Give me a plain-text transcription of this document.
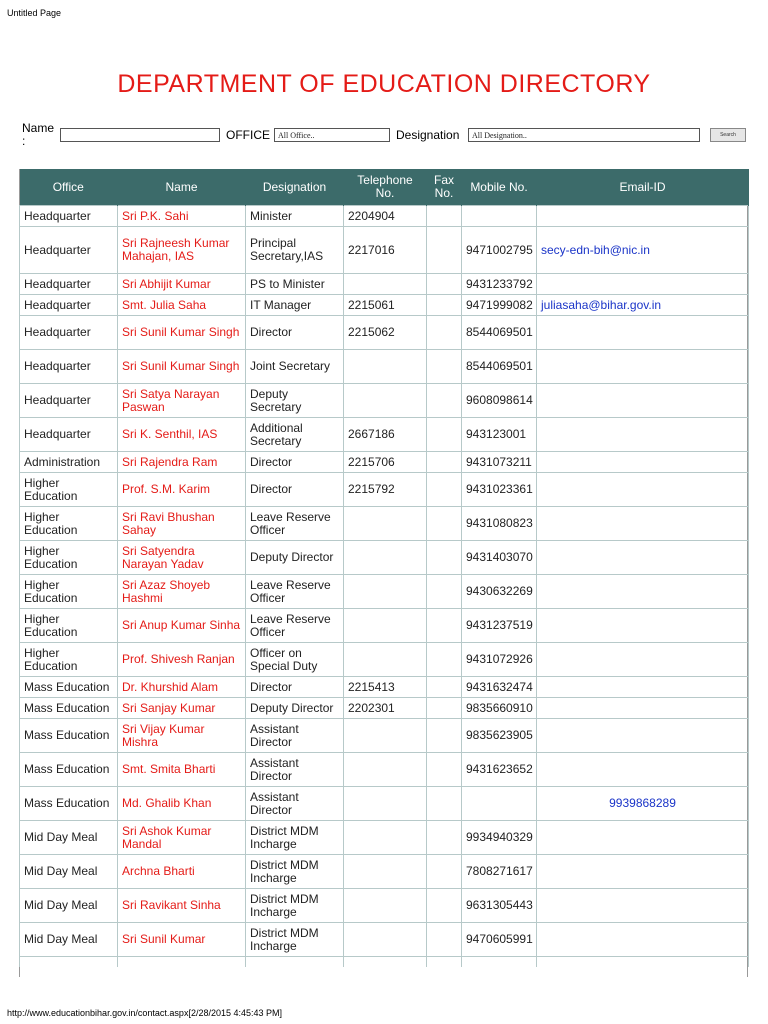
Untitled Page
DEPARTMENT OF EDUCATION DIRECTORY
Name :	OFFICE	All Office..	Designation	All Designation..	Search
Office	Name	Designation	Telephone No.	Fax No.	Mobile No.	Email-ID
Headquarter	Sri P.K. Sahi	Minister	2204904			
Headquarter	Sri Rajneesh Kumar Mahajan, IAS	Principal Secretary,IAS	2217016		9471002795	secy-edn-bih@nic.in
Headquarter	Sri Abhijit Kumar	PS to Minister			9431233792	
Headquarter	Smt. Julia Saha	IT Manager	2215061		9471999082	juliasaha@bihar.gov.in
Headquarter	Sri Sunil Kumar Singh	Director	2215062		8544069501	
Headquarter	Sri Sunil Kumar Singh	Joint Secretary			8544069501	
Headquarter	Sri Satya Narayan Paswan	Deputy Secretary			9608098614	
Headquarter	Sri K. Senthil, IAS	Additional Secretary	2667186		943123001	
Administration	Sri Rajendra Ram	Director	2215706		9431073211	
Higher Education	Prof. S.M. Karim	Director	2215792		9431023361	
Higher Education	Sri Ravi Bhushan Sahay	Leave Reserve Officer			9431080823	
Higher Education	Sri Satyendra Narayan Yadav	Deputy Director			9431403070	
Higher Education	Sri Azaz Shoyeb Hashmi	Leave Reserve Officer			9430632269	
Higher Education	Sri Anup Kumar Sinha	Leave Reserve Officer			9431237519	
Higher Education	Prof. Shivesh Ranjan	Officer on Special Duty			9431072926	
Mass Education	Dr. Khurshid Alam	Director	2215413		9431632474	
Mass Education	Sri Sanjay Kumar	Deputy Director	2202301		9835660910	
Mass Education	Sri Vijay Kumar Mishra	Assistant Director			9835623905	
Mass Education	Smt. Smita Bharti	Assistant Director			9431623652	
Mass Education	Md. Ghalib Khan	Assistant Director				9939868289
Mid Day Meal	Sri Ashok Kumar Mandal	District MDM Incharge			9934940329	
Mid Day Meal	Archna Bharti	District MDM Incharge			7808271617	
Mid Day Meal	Sri Ravikant Sinha	District MDM Incharge			9631305443	
Mid Day Meal	Sri Sunil Kumar	District MDM Incharge			9470605991	

http://www.educationbihar.gov.in/contact.aspx[2/28/2015 4:45:43 PM]
